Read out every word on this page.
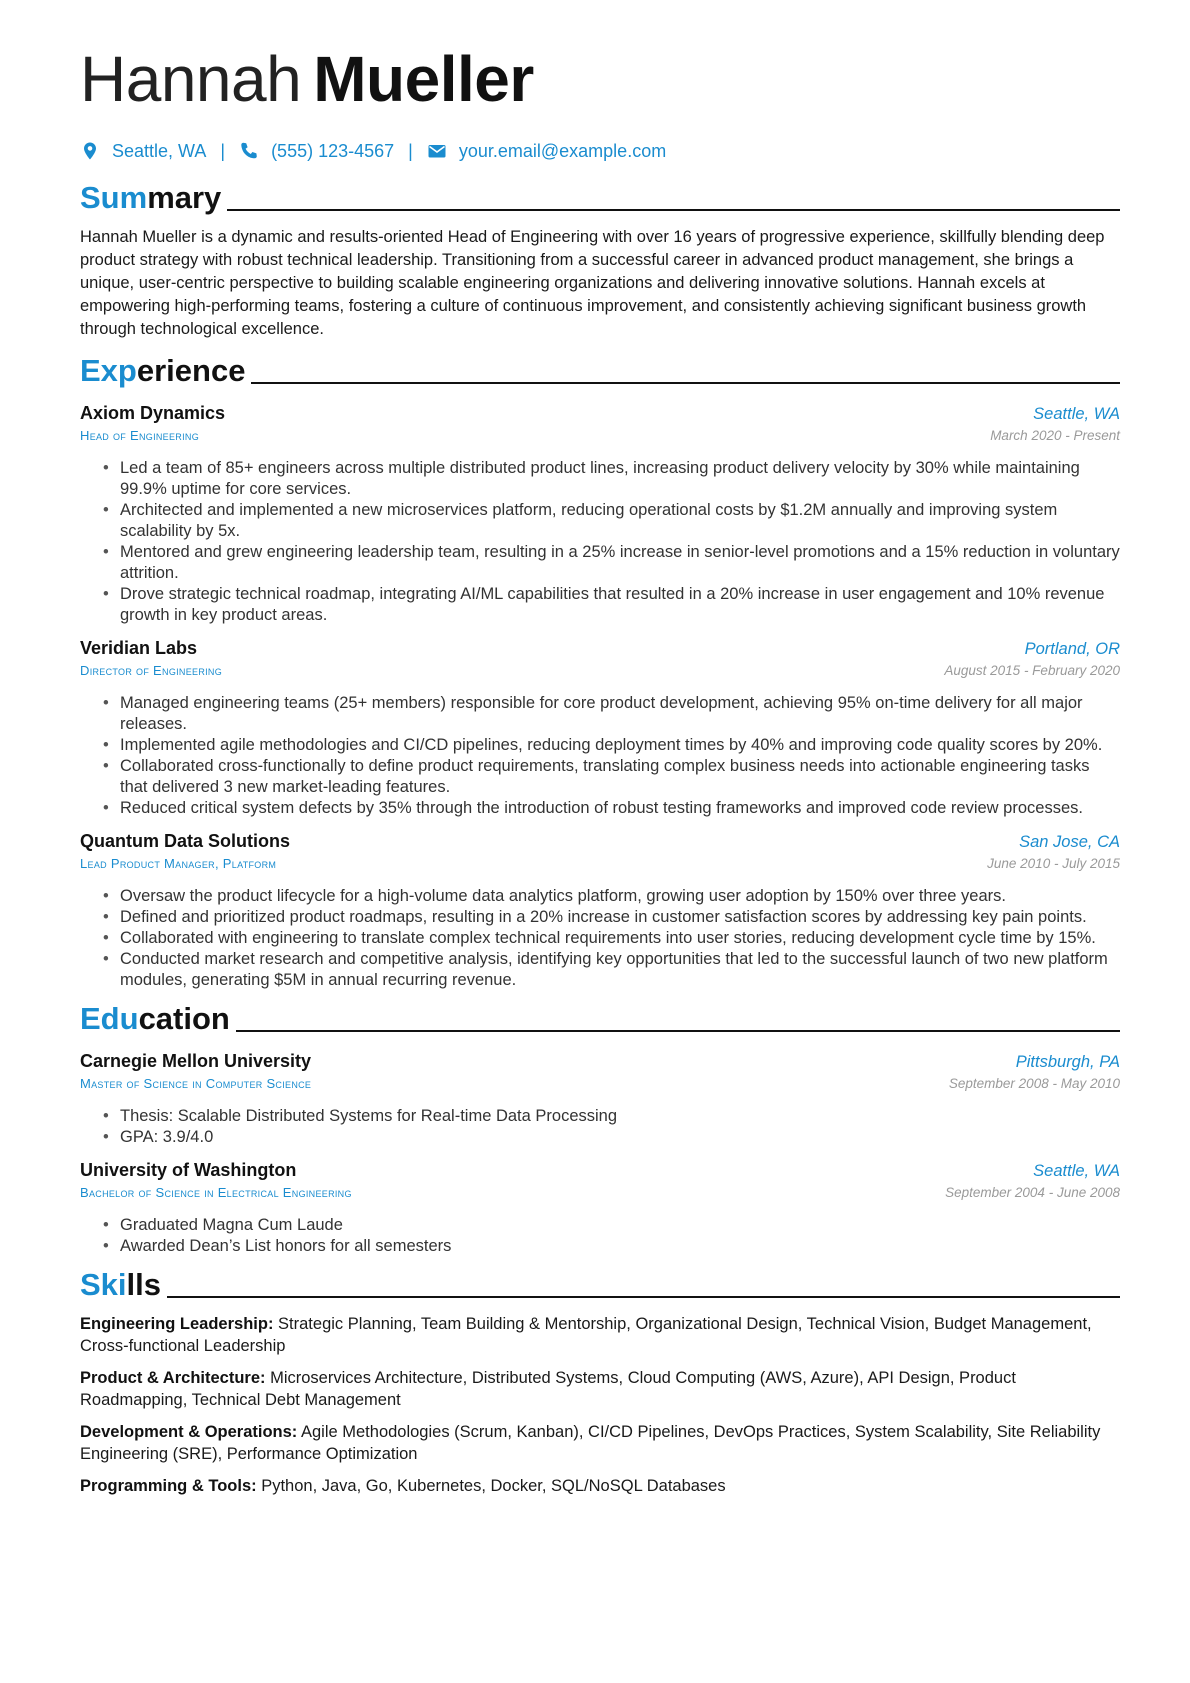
Hannah Mueller
Seattle, WA |	(555) 123-4567 |	your.email@example.com
Summary

Hannah Mueller is a dynamic and results-oriented Head of Engineering with over 16 years of progressive experience, skillfully blending deep product strategy with robust technical leadership. Transitioning from a successful career in advanced product management, she brings a unique, user-centric perspective to building scalable engineering organizations and delivering innovative solutions. Hannah excels at empowering high-performing teams, fostering a culture of continuous improvement, and consistently achieving significant business growth through technological excellence.

Experience
Axiom Dynamics	Seattle, WA
Head of Engineering	March 2020 - Present
• Led a team of 85+ engineers across multiple distributed product lines, increasing product delivery velocity by 30% while maintaining 99.9% uptime for core services.
• Architected and implemented a new microservices platform, reducing operational costs by $1.2M annually and improving system scalability by 5x.
• Mentored and grew engineering leadership team, resulting in a 25% increase in senior-level promotions and a 15% reduction in voluntary attrition.
• Drove strategic technical roadmap, integrating AI/ML capabilities that resulted in a 20% increase in user engagement and 10% revenue growth in key product areas.
Veridian Labs	Portland, OR
Director of Engineering	August 2015 - February 2020
• Managed engineering teams (25+ members) responsible for core product development, achieving 95% on-time delivery for all major releases.
• Implemented agile methodologies and CI/CD pipelines, reducing deployment times by 40% and improving code quality scores by 20%.
• Collaborated cross-functionally to define product requirements, translating complex business needs into actionable engineering tasks that delivered 3 new market-leading features.
• Reduced critical system defects by 35% through the introduction of robust testing frameworks and improved code review processes.
Quantum Data Solutions	San Jose, CA
Lead Product Manager, Platform	June 2010 - July 2015
• Oversaw the product lifecycle for a high-volume data analytics platform, growing user adoption by 150% over three years.
• Defined and prioritized product roadmaps, resulting in a 20% increase in customer satisfaction scores by addressing key pain points.
• Collaborated with engineering to translate complex technical requirements into user stories, reducing development cycle time by 15%.
• Conducted market research and competitive analysis, identifying key opportunities that led to the successful launch of two new platform modules, generating $5M in annual recurring revenue.
Education
Carnegie Mellon University	Pittsburgh, PA
Master of Science in Computer Science	September 2008 - May 2010
• Thesis: Scalable Distributed Systems for Real-time Data Processing
• GPA: 3.9/4.0
University of Washington	Seattle, WA
Bachelor of Science in Electrical Engineering	September 2004 - June 2008
• Graduated Magna Cum Laude
• Awarded Dean’s List honors for all semesters
Skills

Engineering Leadership: Strategic Planning, Team Building & Mentorship, Organizational Design, Technical Vision, Budget Management, Cross-functional Leadership

Product & Architecture: Microservices Architecture, Distributed Systems, Cloud Computing (AWS, Azure), API Design, Product Roadmapping, Technical Debt Management

Development & Operations: Agile Methodologies (Scrum, Kanban), CI/CD Pipelines, DevOps Practices, System Scalability, Site Reliability Engineering (SRE), Performance Optimization

Programming & Tools: Python, Java, Go, Kubernetes, Docker, SQL/NoSQL Databases
